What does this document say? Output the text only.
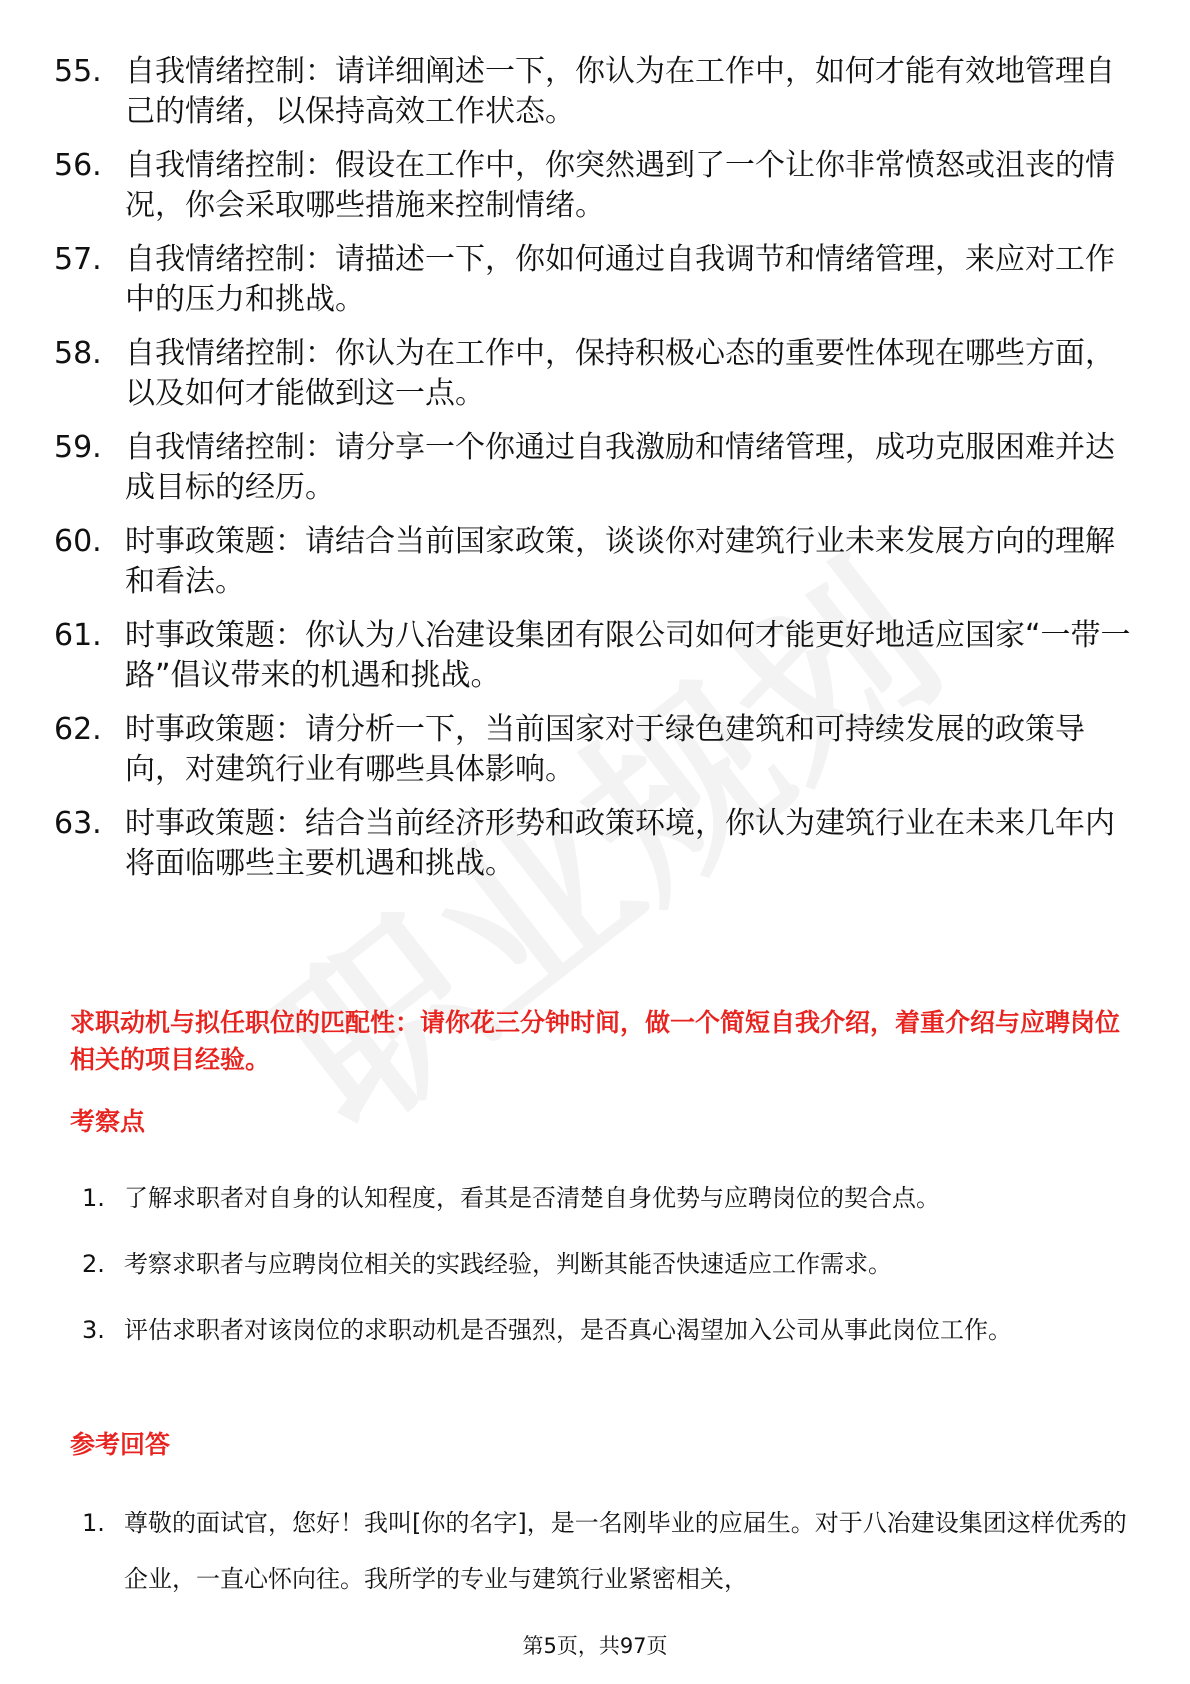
55. 自我情绪控制：请详细阐述一下，你认为在工作中，如何才能有效地管理自己的情绪，以保持高效工作状态。
56. 自我情绪控制：假设在工作中，你突然遇到了一个让你非常愤怒或沮丧的情况，你会采取哪些措施来控制情绪。
57. 自我情绪控制：请描述一下，你如何通过自我调节和情绪管理，来应对工作中的压力和挑战。
58. 自我情绪控制：你认为在工作中，保持积极心态的重要性体现在哪些方面，以及如何才能做到这一点。
59. 自我情绪控制：请分享一个你通过自我激励和情绪管理，成功克服困难并达成目标的经历。
60. 时事政策题：请结合当前国家政策，谈谈你对建筑行业未来发展方向的理解和看法。
61. 时事政策题：你认为八冶建设集团有限公司如何才能更好地适应国家“一带一路”倡议带来的机遇和挑战。
62. 时事政策题：请分析一下，当前国家对于绿色建筑和可持续发展的政策导向，对建筑行业有哪些具体影响。
63. 时事政策题：结合当前经济形势和政策环境，你认为建筑行业在未来几年内将面临哪些主要机遇和挑战。
求职动机与拟任职位的匹配性：请你花三分钟时间，做一个简短自我介绍，着重介绍与应聘岗位相关的项目经验。
考察点
1. 了解求职者对自身的认知程度，看其是否清楚自身优势与应聘岗位的契合点。
2. 考察求职者与应聘岗位相关的实践经验，判断其能否快速适应工作需求。
3. 评估求职者对该岗位的求职动机是否强烈，是否真心渴望加入公司从事此岗位工作。
参考回答
1. 尊敬的面试官，您好！我叫[你的名字]，是一名刚毕业的应届生。对于八冶建设集团这样优秀的企业，一直心怀向往。我所学的专业与建筑行业紧密相关，
第5页，共97页
